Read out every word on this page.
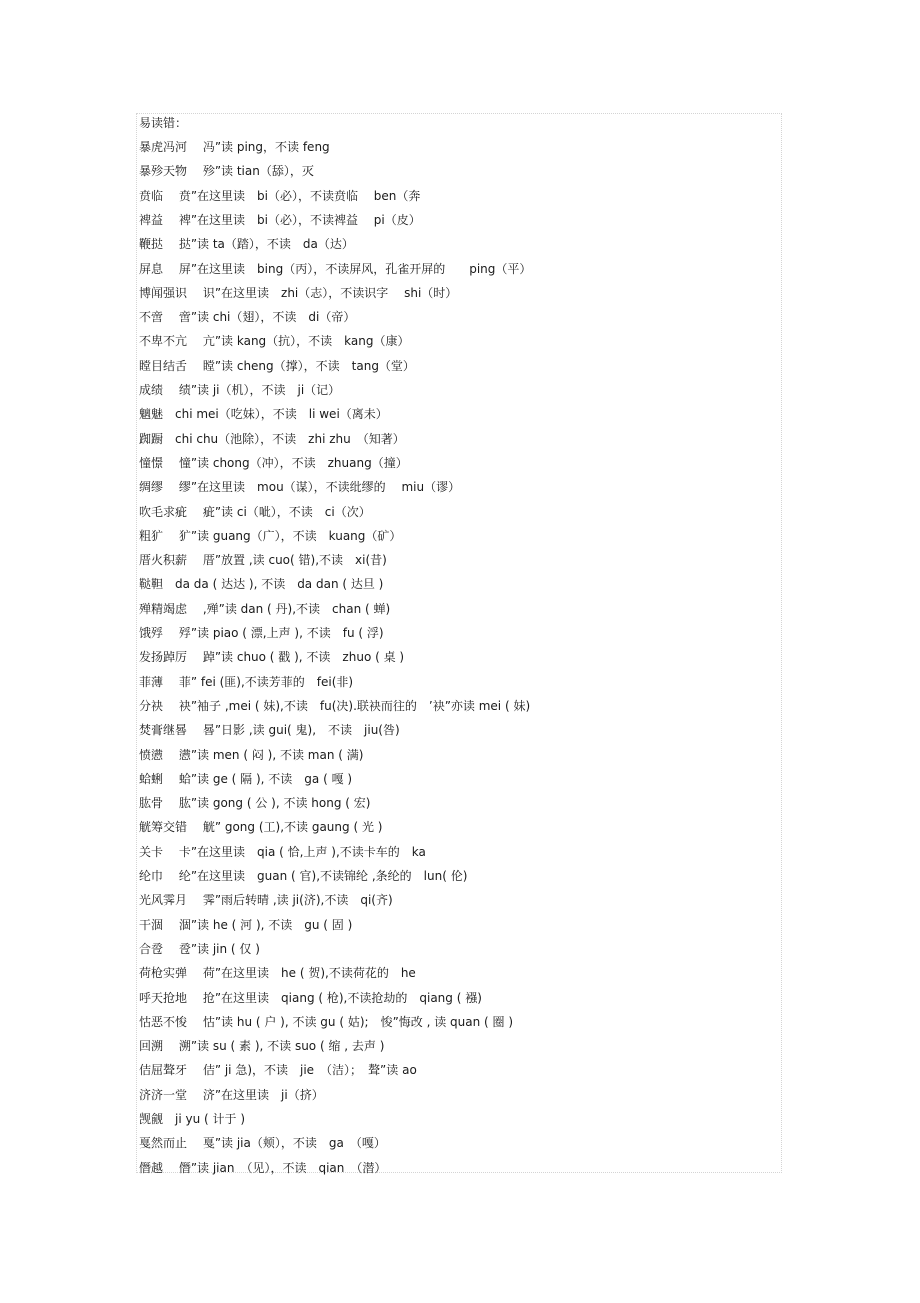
易读错：
暴虎冯河　 冯”读 ping，不读 feng
暴殄天物　 殄”读 tian（舔），灭
贲临　 贲”在这里读　bi（必），不读贲临　 ben（奔
裨益　 裨”在这里读　bi（必），不读裨益　 pi（皮）
鞭挞　 挞”读 ta（踏），不读　da（达）
屏息　 屏”在这里读　bing（丙），不读屏风，孔雀开屏的　　ping（平）
博闻强识　 识”在这里读　zhi（志），不读识字　 shi（时）
不啻　 啻”读 chi（翅），不读　di（帝）
不卑不亢　 亢”读 kang（抗），不读　kang（康）
瞠目结舌　 瞠”读 cheng（撑），不读　tang（堂）
成绩　 绩”读 ji（机），不读　ji（记）
魑魅　chi mei（吃妹），不读　li wei（离未）
踟蹰　chi chu（池除），不读　zhi zhu　（知著）
憧憬　 憧”读 chong（冲），不读　zhuang（撞）
绸缪　 缪”在这里读　mou（谋），不读纰缪的　 miu（谬）
吹毛求疵　 疵”读 ci（呲），不读　ci（次）
粗犷　 犷”读 guang（广），不读　kuang（矿）
厝火积薪　 厝”放置 ,读 cuo( 错),不读　xi(昔)
鞑靼　da da ( 达达 ), 不读　da dan ( 达旦 )
殚精竭虑　 ,殚”读 dan ( 丹),不读　chan ( 蝉)
饿殍　 殍”读 piao ( 漂,上声 ), 不读　fu ( 浮)
发扬踔厉　 踔”读 chuo ( 戳 ), 不读　zhuo ( 桌 )
菲薄　 菲” fei (匪),不读芳菲的　fei(非)
分袂　 袂”袖子 ,mei ( 妹),不读　fu(决).联袂而往的　’袂”亦读 mei ( 妹)
焚膏继晷　 晷”日影 ,读 gui( 鬼),　不读　jiu(咎)
愤懑　 懑”读 men ( 闷 ), 不读 man ( 满)
蛤蜊　 蛤”读 ge ( 隔 ), 不读　ga ( 嘎 )
肱骨　 肱”读 gong ( 公 ), 不读 hong ( 宏)
觥筹交错　 觥” gong (工),不读 gaung ( 光 )
关卡　 卡”在这里读　qia ( 恰,上声 ),不读卡车的　ka
纶巾　 纶”在这里读　guan ( 官),不读锦纶 ,条纶的　lun( 伦)
光风霁月　 霁”雨后转晴 ,读 ji(济),不读　qi(齐)
干涸　 涸”读 he ( 河 ), 不读　gu ( 固 )
合卺　 卺”读 jin ( 仅 )
荷枪实弹　 荷”在这里读　he ( 贺),不读荷花的　he
呼天抢地　 抢”在这里读　qiang ( 枪),不读抢劫的　qiang ( 襁)
怙恶不悛　 怙”读 hu ( 户 ), 不读 gu ( 姑);　悛”悔改 , 读 quan ( 圈 )
回溯　 溯”读 su ( 素 ), 不读 suo ( 缩 , 去声 )
佶屈聱牙　 佶” ji 急)，不读　jie　（洁）；　聱”读 ao
济济一堂　 济”在这里读　ji（挤）
觊觎　ji yu ( 计于 )
戛然而止　 戛”读 jia（颊），不读　ga　（嘎）
僭越　 僭”读 jian　（见），不读　qian　（潜）
